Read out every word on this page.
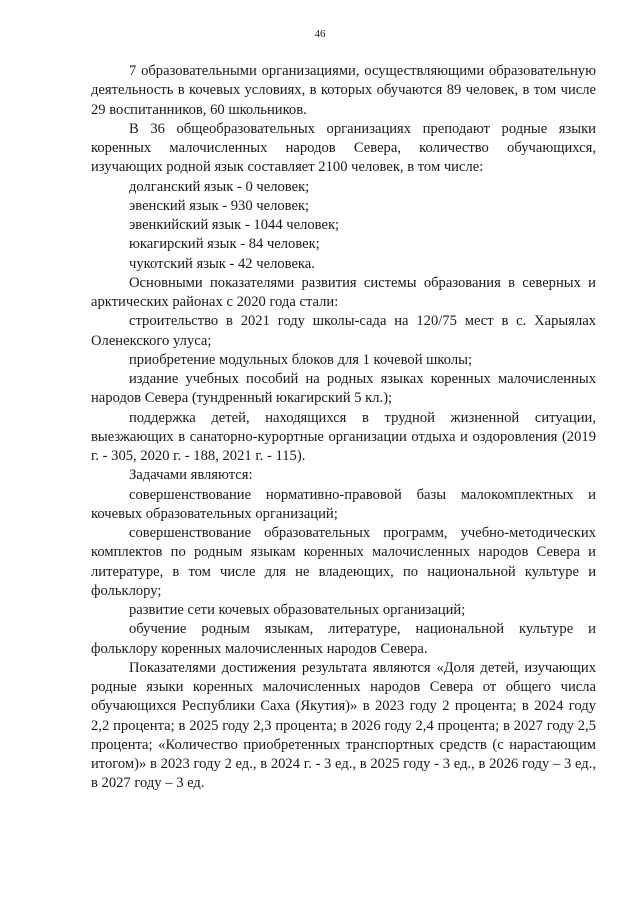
46

7 образовательными организациями, осуществляющими образовательную деятельность в кочевых условиях, в которых обучаются 89 человек, в том числе 29 воспитанников, 60 школьников.

В 36 общеобразовательных организациях преподают родные языки коренных малочисленных народов Севера, количество обучающихся, изучающих родной язык составляет 2100 человек, в том числе:

долганский язык - 0 человек;

эвенский язык - 930 человек;

эвенкийский язык - 1044 человек;

юкагирский язык - 84 человек;

чукотский язык - 42 человека.

Основными показателями развития системы образования в северных и арктических районах с 2020 года стали:

строительство в 2021 году школы-сада на 120/75 мест в с. Харыялах Оленекского улуса;

приобретение модульных блоков для 1 кочевой школы;

издание учебных пособий на родных языках коренных малочисленных народов Севера (тундренный юкагирский 5 кл.);

поддержка детей, находящихся в трудной жизненной ситуации, выезжающих в санаторно-курортные организации отдыха и оздоровления (2019 г. - 305, 2020 г. - 188, 2021 г. - 115).

Задачами являются:

совершенствование нормативно-правовой базы малокомплектных и кочевых образовательных организаций;

совершенствование образовательных программ, учебно-методических комплектов по родным языкам коренных малочисленных народов Севера и литературе, в том числе для не владеющих, по национальной культуре и фольклору;

развитие сети кочевых образовательных организаций;

обучение родным языкам, литературе, национальной культуре и фольклору коренных малочисленных народов Севера.

Показателями достижения результата являются «Доля детей, изучающих родные языки коренных малочисленных народов Севера от общего числа обучающихся Республики Саха (Якутия)» в 2023 году 2 процента; в 2024 году 2,2 процента; в 2025 году 2,3 процента; в 2026 году 2,4 процента; в 2027 году 2,5 процента; «Количество приобретенных транспортных средств (с нарастающим итогом)» в 2023 году 2 ед., в 2024 г. - 3 ед., в 2025 году - 3 ед., в 2026 году – 3 ед., в 2027 году – 3 ед.
